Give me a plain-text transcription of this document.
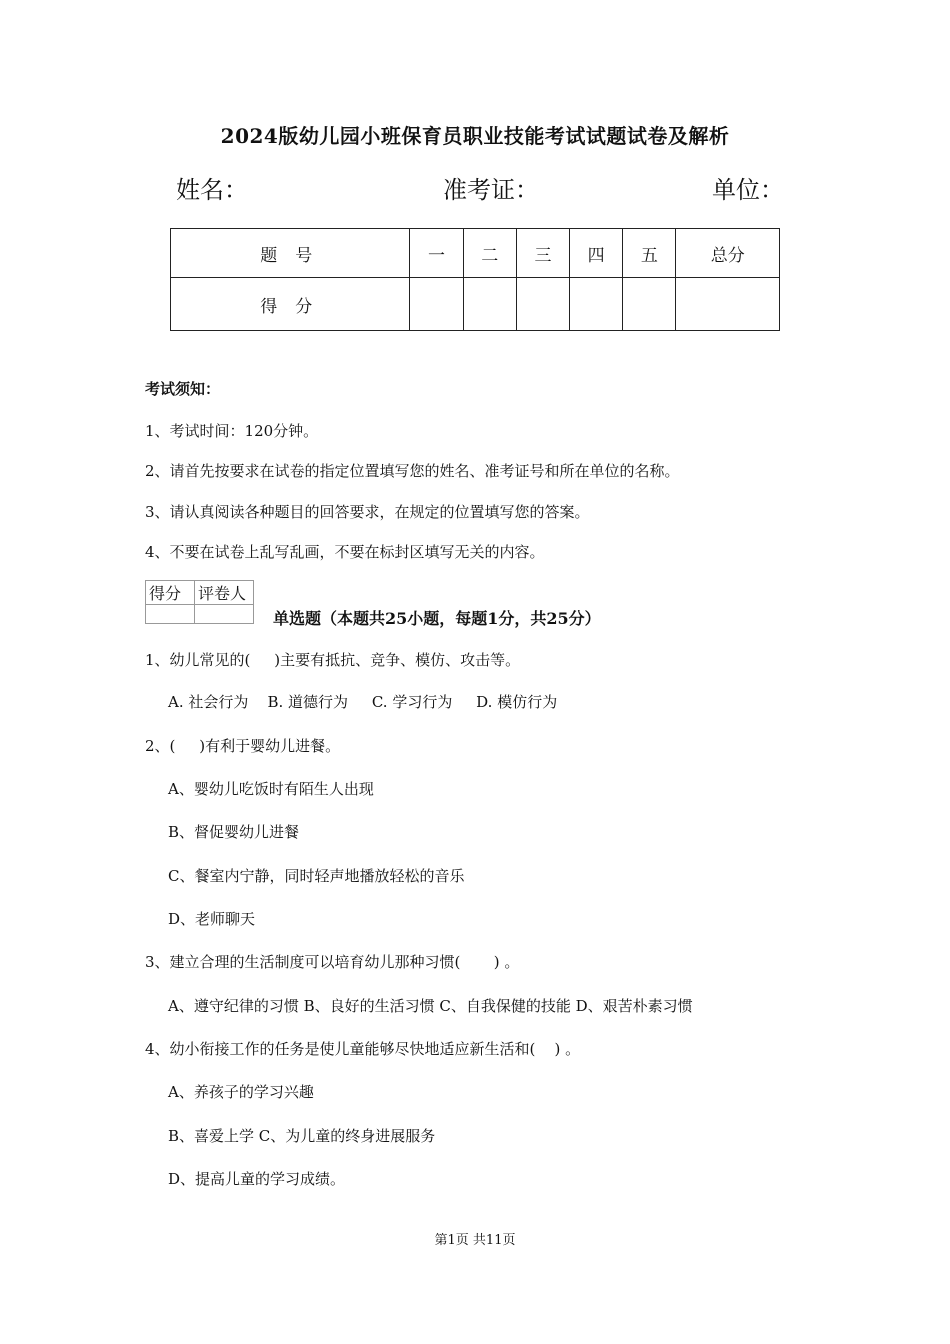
2024版幼儿园小班保育员职业技能考试试题试卷及解析
姓名：	准考证：	单位：
题号	一	二	三	四	五	总分
得分						
考试须知：
1、考试时间：120分钟。
2、请首先按要求在试卷的指定位置填写您的姓名、准考证号和所在单位的名称。
3、请认真阅读各种题目的回答要求，在规定的位置填写您的答案。
4、不要在试卷上乱写乱画，不要在标封区填写无关的内容。
得分	评卷人

单选题（本题共25小题，每题1分，共25分）
1、幼儿常见的(     )主要有抵抗、竞争、模仿、攻击等。
A. 社会行为    B. 道德行为     C. 学习行为     D. 模仿行为
2、(     )有利于婴幼儿进餐。
A、婴幼儿吃饭时有陌生人出现
B、督促婴幼儿进餐
C、餐室内宁静，同时轻声地播放轻松的音乐
D、老师聊天
3、建立合理的生活制度可以培育幼儿那种习惯(       ) 。
A、遵守纪律的习惯 B、良好的生活习惯 C、自我保健的技能 D、艰苦朴素习惯
4、幼小衔接工作的任务是使儿童能够尽快地适应新生活和(    ) 。
A、养孩子的学习兴趣
B、喜爱上学 C、为儿童的终身进展服务
D、提高儿童的学习成绩。
第1页 共11页
